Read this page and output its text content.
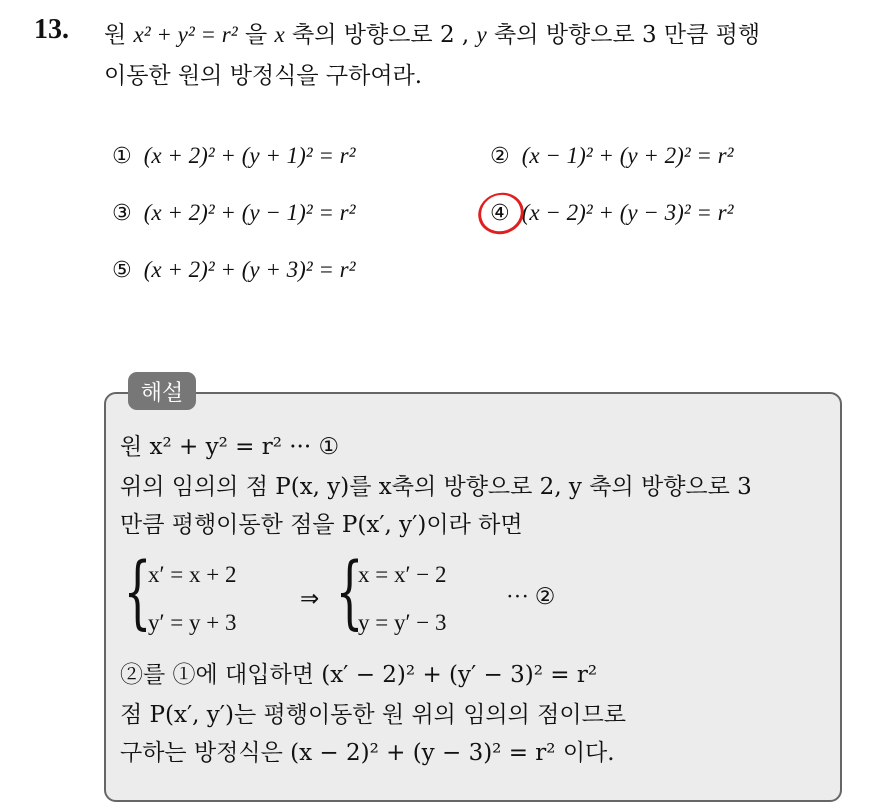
13. 원 x² + y² = r² 을 x 축의 방향으로 2 , y 축의 방향으로 3 만큼 평행
이동한 원의 방정식을 구하여라.
① (x + 2)² + (y + 1)² = r²	② (x − 1)² + (y + 2)² = r²
③ (x + 2)² + (y − 1)² = r²	④ (x − 2)² + (y − 3)² = r²
⑤ (x + 2)² + (y + 3)² = r²
해설
원 x² + y² = r² ··· ①
위의 임의의 점 P(x, y)를 x축의 방향으로 2, y 축의 방향으로 3
만큼 평행이동한 점을 P(x′, y′)이라 하면
{
x′ = x + 2
y′ = y + 3
⇒ {
x = x′ − 2
y = y′ − 3
··· ②
②를 ①에 대입하면 (x′ − 2)² + (y′ − 3)² = r²
점 P(x′, y′)는 평행이동한 원 위의 임의의 점이므로
구하는 방정식은 (x − 2)² + (y − 3)² = r² 이다.
